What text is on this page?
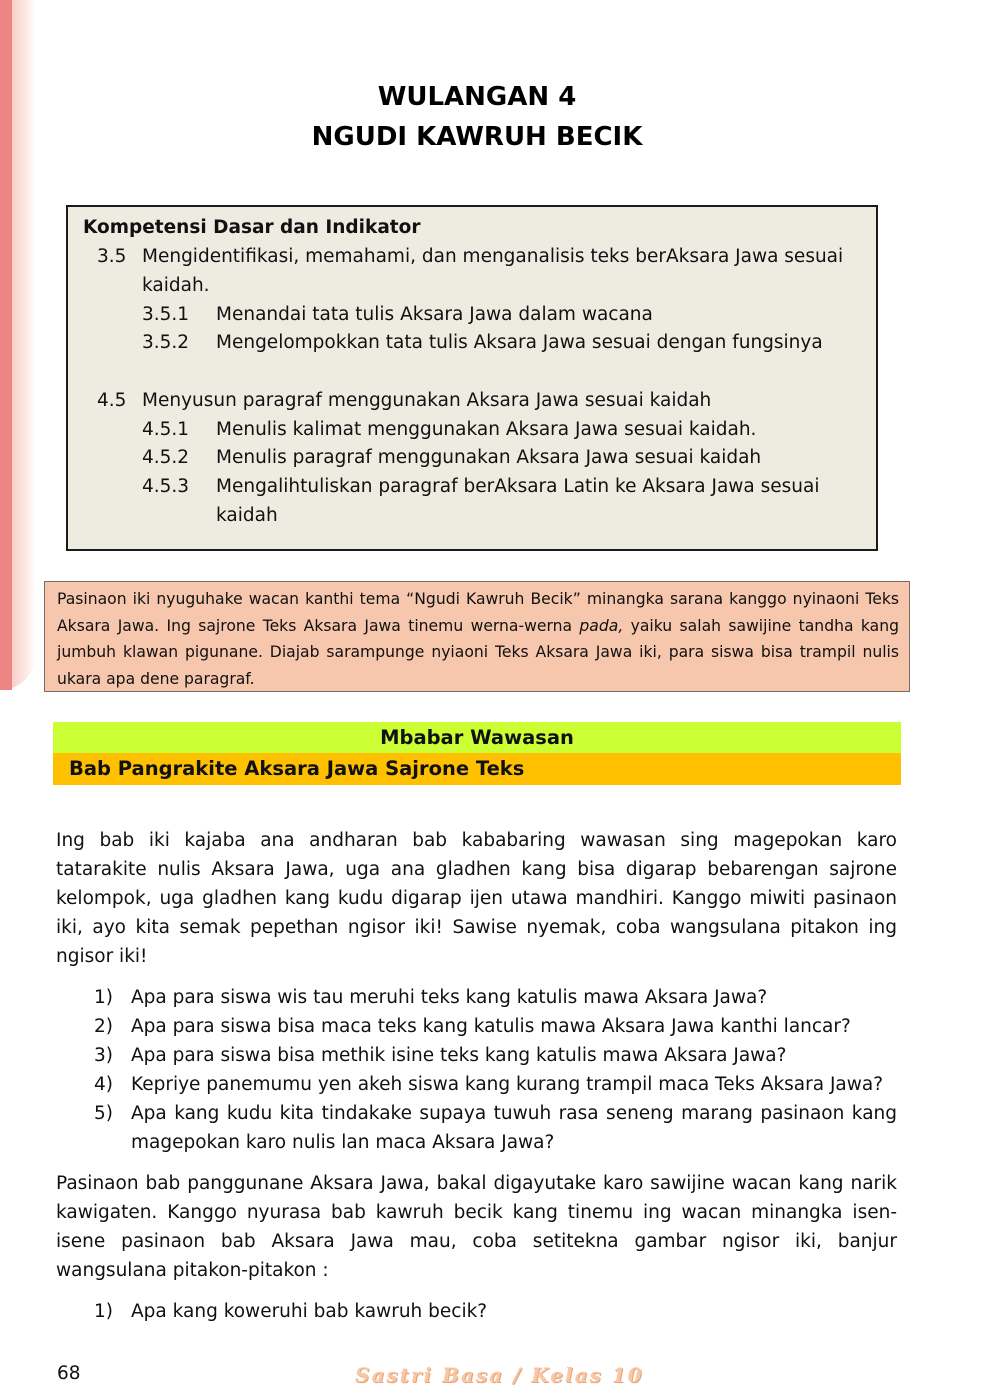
WULANGAN 4
NGUDI KAWRUH BECIK
Kompetensi Dasar dan Indikator
3.5 Mengidentifikasi, memahami, dan menganalisis teks berAksara Jawa sesuai
kaidah.
3.5.1 Menandai tata tulis Aksara Jawa dalam wacana
3.5.2 Mengelompokkan tata tulis Aksara Jawa sesuai dengan fungsinya
4.5 Menyusun paragraf menggunakan Aksara Jawa sesuai kaidah
4.5.1 Menulis kalimat menggunakan Aksara Jawa sesuai kaidah.
4.5.2 Menulis paragraf menggunakan Aksara Jawa sesuai kaidah
4.5.3 Mengalihtuliskan paragraf berAksara Latin ke Aksara Jawa sesuai
kaidah

Pasinaon iki nyuguhake wacan kanthi tema “Ngudi Kawruh Becik” minangka sarana kanggo nyinaoni Teks Aksara Jawa. Ing sajrone Teks Aksara Jawa tinemu werna-werna pada, yaiku salah sawijine tandha kang jumbuh klawan pigunane. Diajab sarampunge nyiaoni Teks Aksara Jawa iki, para siswa bisa trampil nulis ukara apa dene paragraf.

Mbabar Wawasan
Bab Pangrakite Aksara Jawa Sajrone Teks

Ing bab iki kajaba ana andharan bab kababaring wawasan sing magepokan karo tatarakite nulis Aksara Jawa, uga ana gladhen kang bisa digarap bebarengan sajrone kelompok, uga gladhen kang kudu digarap ijen utawa mandhiri. Kanggo miwiti pasinaon iki, ayo kita semak pepethan ngisor iki! Sawise nyemak, coba wangsulana pitakon ing ngisor iki!

1) Apa para siswa wis tau meruhi teks kang katulis mawa Aksara Jawa?
2) Apa para siswa bisa maca teks kang katulis mawa Aksara Jawa kanthi lancar?
3) Apa para siswa bisa methik isine teks kang katulis mawa Aksara Jawa?
4) Kepriye panemumu yen akeh siswa kang kurang trampil maca Teks Aksara Jawa?
5) Apa kang kudu kita tindakake supaya tuwuh rasa seneng marang pasinaon kang magepokan karo nulis lan maca Aksara Jawa?

Pasinaon bab panggunane Aksara Jawa, bakal digayutake karo sawijine wacan kang narik kawigaten. Kanggo nyurasa bab kawruh becik kang tinemu ing wacan minangka isen-isene pasinaon bab Aksara Jawa mau, coba setitekna gambar ngisor iki, banjur wangsulana pitakon-pitakon :

1) Apa kang koweruhi bab kawruh becik?
68	Sastri Basa / Kelas 10
